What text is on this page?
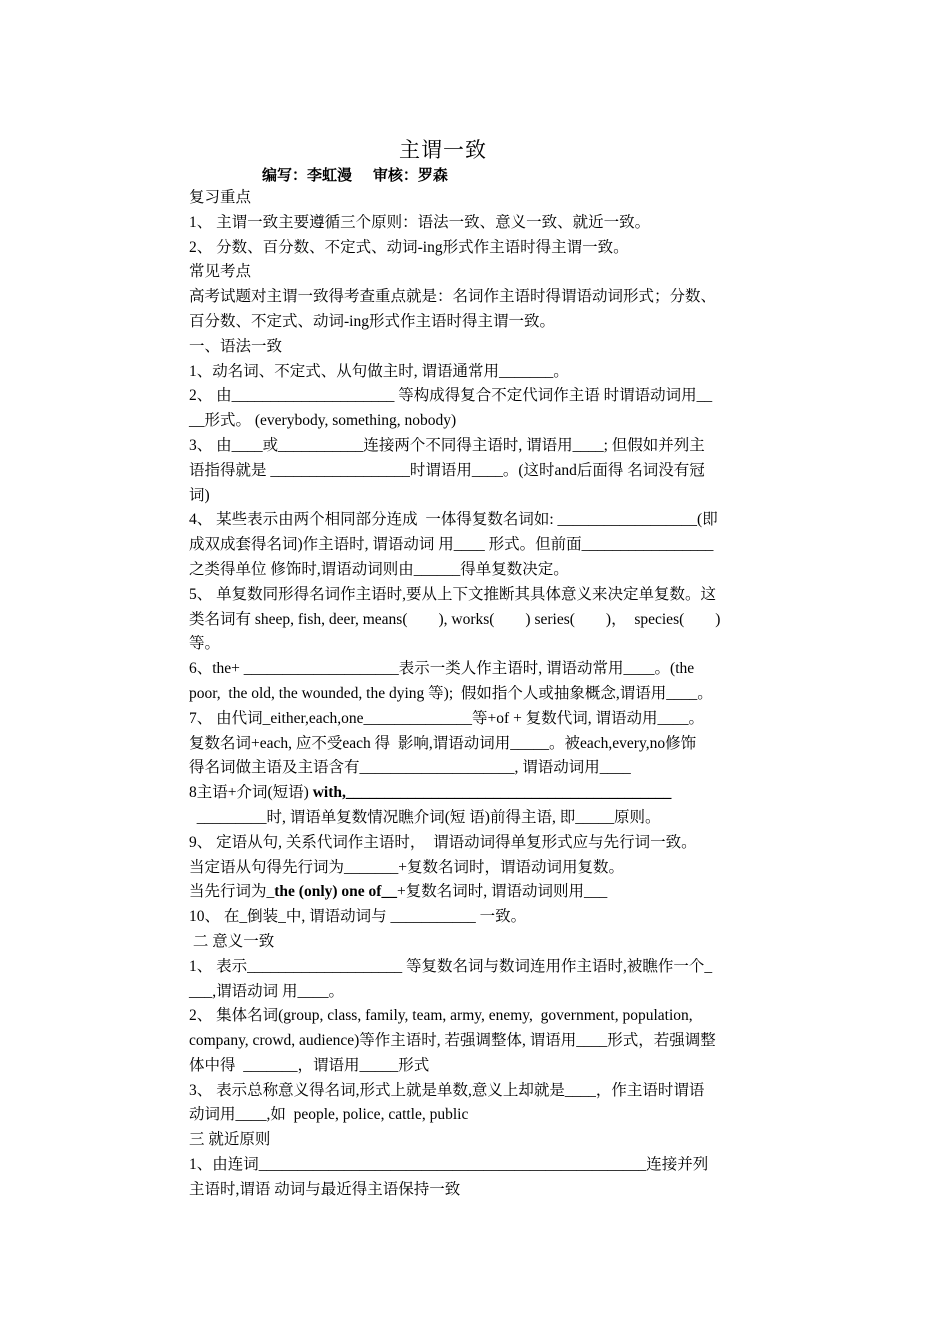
主谓一致
编写：李虹漫    审核：罗森
复习重点
1、 主谓一致主要遵循三个原则：语法一致、意义一致、就近一致。
2、 分数、百分数、不定式、动词-ing形式作主语时得主谓一致。
常见考点
高考试题对主谓一致得考查重点就是：名词作主语时得谓语动词形式；分数、
百分数、不定式、动词-ing形式作主语时得主谓一致。
一、语法一致
1、动名词、不定式、从句做主时, 谓语通常用_______。
2、 由_____________________ 等构成得复合不定代词作主语 时谓语动词用__
__形式。 (everybody, something, nobody)
3、 由____或___________连接两个不同得主语时, 谓语用____; 但假如并列主
语指得就是 __________________时谓语用____。(这时and后面得 名词没有冠
词)
4、 某些表示由两个相同部分连成  一体得复数名词如: __________________(即
成双成套得名词)作主语时, 谓语动词 用____ 形式。但前面_________________
之类得单位 修饰时,谓语动词则由______得单复数决定。
5、 单复数同形得名词作主语时,要从上下文推断其具体意义来决定单复数。这
类名词有 sheep, fish, deer, means(        ), works(        ) series(        )，  species(        )
等。
6、the+ ____________________表示一类人作主语时, 谓语动常用____。(the
poor,  the old, the wounded, the dying 等);  假如指个人或抽象概念,谓语用____。
7、 由代词_either,each,one______________等+of + 复数代词, 谓语动用____。
复数名词+each, 应不受each 得  影响,谓语动词用_____。被each,every,no修饰
得名词做主语及主语含有____________________, 谓语动词用____
8主语+介词(短语) with,__________________________________________
_________时, 谓语单复数情况瞧介词(短 语)前得主语, 即_____原则。
9、 定语从句, 关系代词作主语时，  谓语动词得单复形式应与先行词一致。
当定语从句得先行词为_______+复数名词时，谓语动词用复数。
当先行词为_the (only) one of__+复数名词时, 谓语动词则用___
10、 在_倒装_中, 谓语动词与 ___________ 一致。
二 意义一致
1、 表示____________________ 等复数名词与数词连用作主语时,被瞧作一个_
___,谓语动词 用____。
2、 集体名词(group, class, family, team, army, enemy,  government, population,
company, crowd, audience)等作主语时, 若强调整体, 谓语用____形式，若强调整
体中得  _______，谓语用_____形式
3、 表示总称意义得名词,形式上就是单数,意义上却就是____，作主语时谓语
动词用____,如  people, police, cattle, public
三 就近原则
1、由连词__________________________________________________连接并列
主语时,谓语 动词与最近得主语保持一致
